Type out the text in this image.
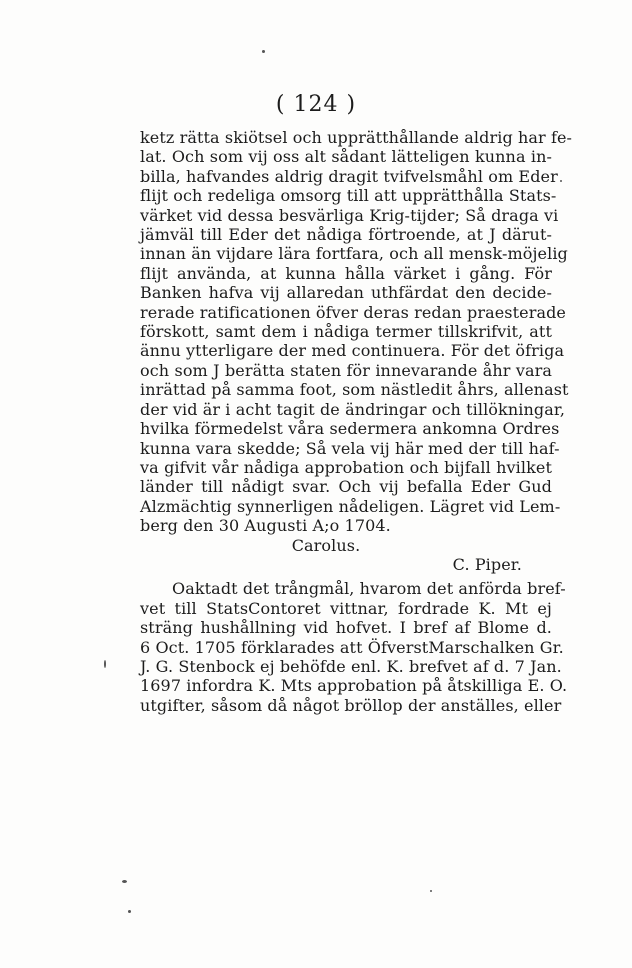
( 124 )
ketz rätta skiötsel och upprätthållande aldrig har fe-
lat. Och som vij oss alt sådant lätteligen kunna in-
billa, hafvandes aldrig dragit tvifvelsmåhl om Eder
flijt och redeliga omsorg till att upprätthålla Stats-
värket vid dessa besvärliga Krig-tijder; Så draga vi
jämväl till Eder det nådiga förtroende, at J därut-
innan än vijdare lära fortfara, och all mensk-möjelig
flijt använda, at kunna hålla värket i gång. För
Banken hafva vij allaredan uthfärdat den decide-
rerade ratificationen öfver deras redan praesterade
förskott, samt dem i nådiga termer tillskrifvit, att
ännu ytterligare der med continuera. För det öfriga
och som J berätta staten för innevarande åhr vara
inrättad på samma foot, som nästledit åhrs, allenast
der vid är i acht tagit de ändringar och tillökningar,
hvilka förmedelst våra sedermera ankomna Ordres
kunna vara skedde; Så vela vij här med der till haf-
va gifvit vår nådiga approbation och bijfall hvilket
länder till nådigt svar. Och vij befalla Eder Gud
Alzmächtig synnerligen nådeligen. Lägret vid Lem-
berg den 30 Augusti A;o 1704.
Carolus.
C. Piper.
Oaktadt det trångmål, hvarom det anförda bref-
vet till StatsContoret vittnar, fordrade K. Mt ej
sträng hushållning vid hofvet. I bref af Blome d.
6 Oct. 1705 förklarades att ÖfverstMarschalken Gr.
J. G. Stenbock ej behöfde enl. K. brefvet af d. 7 Jan.
1697 infordra K. Mts approbation på åtskilliga E. O.
utgifter, såsom då något bröllop der anställes, eller
